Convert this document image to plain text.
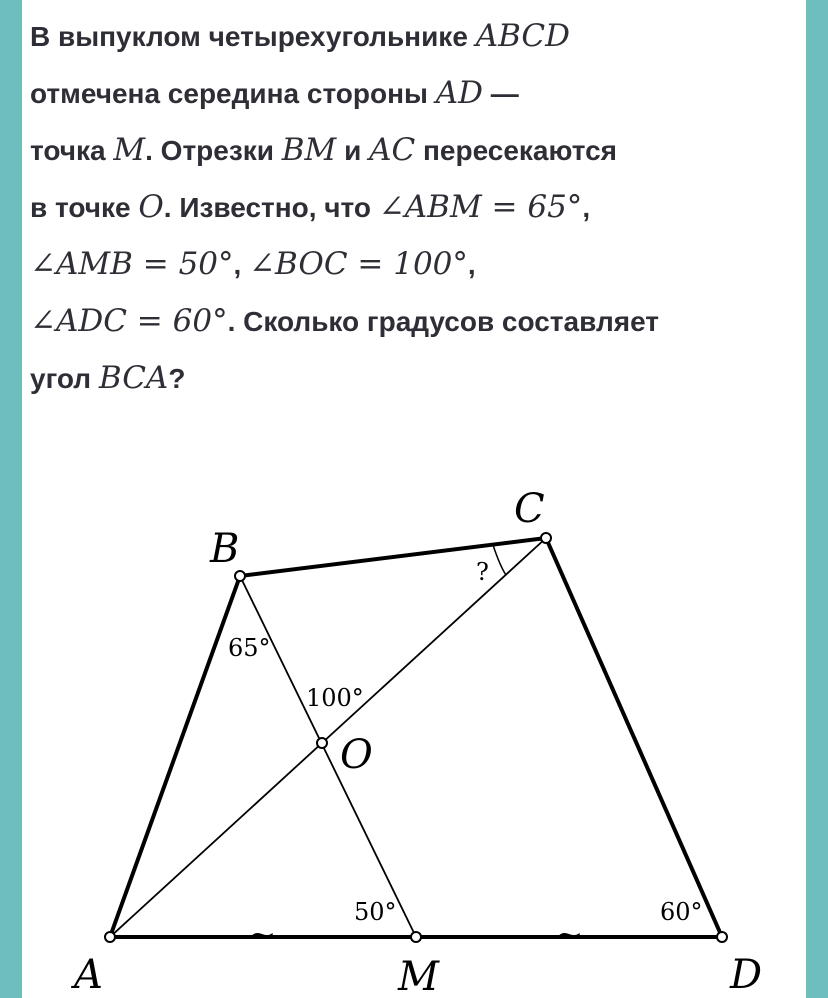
В выпуклом четырехугольнике ABCD
отмечена середина стороны AD —
точка M. Отрезки BM и AC пересекаются
в точке O. Известно, что ∠ABM = 65°,
∠AMB = 50°, ∠BOC = 100°,
∠ADC = 60°. Сколько градусов составляет
угол BCA?
~	~
A
B
C
D
M
O
65°
100°
50°	60°
?
